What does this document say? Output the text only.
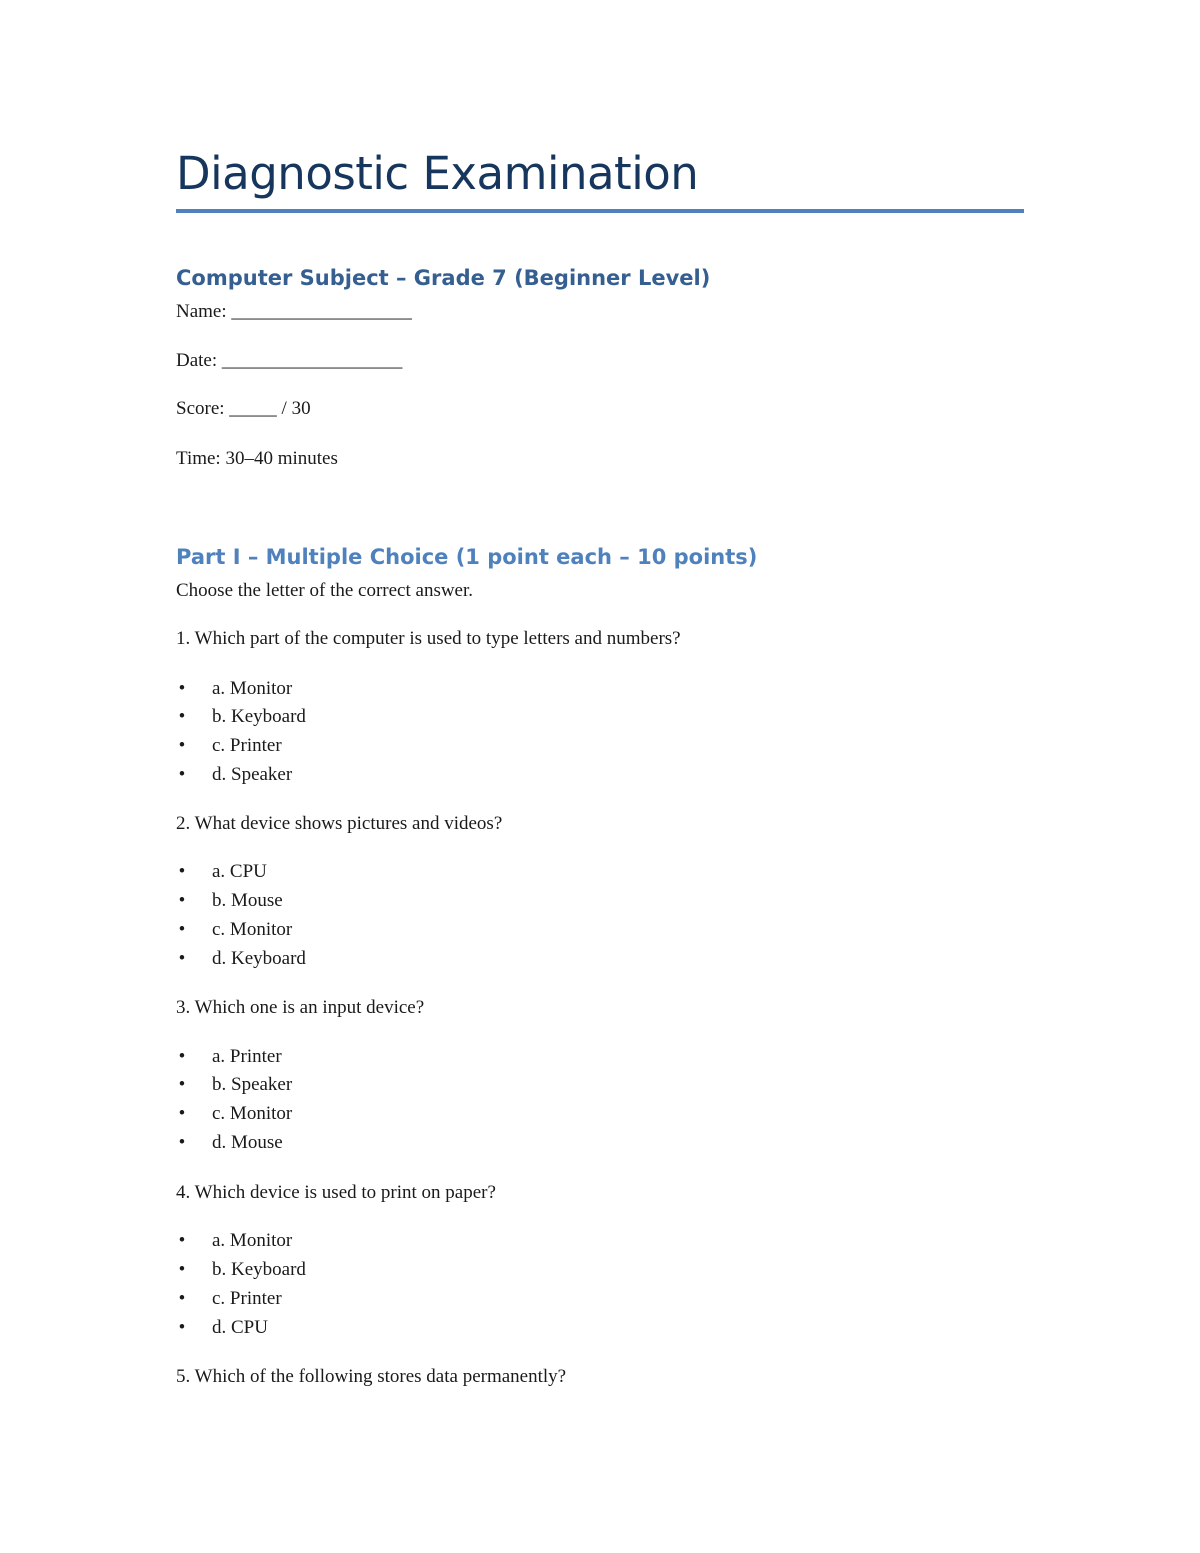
Diagnostic Examination
Computer Subject – Grade 7 (Beginner Level)

Name: ___________________

Date: ___________________

Score: _____ / 30

Time: 30–40 minutes

Part I – Multiple Choice (1 point each – 10 points)

Choose the letter of the correct answer.

1. Which part of the computer is used to type letters and numbers?

• a. Monitor
• b. Keyboard
• c. Printer
• d. Speaker

2. What device shows pictures and videos?

• a. CPU
• b. Mouse
• c. Monitor
• d. Keyboard

3. Which one is an input device?

• a. Printer
• b. Speaker
• c. Monitor
• d. Mouse

4. Which device is used to print on paper?

• a. Monitor
• b. Keyboard
• c. Printer
• d. CPU

5. Which of the following stores data permanently?
